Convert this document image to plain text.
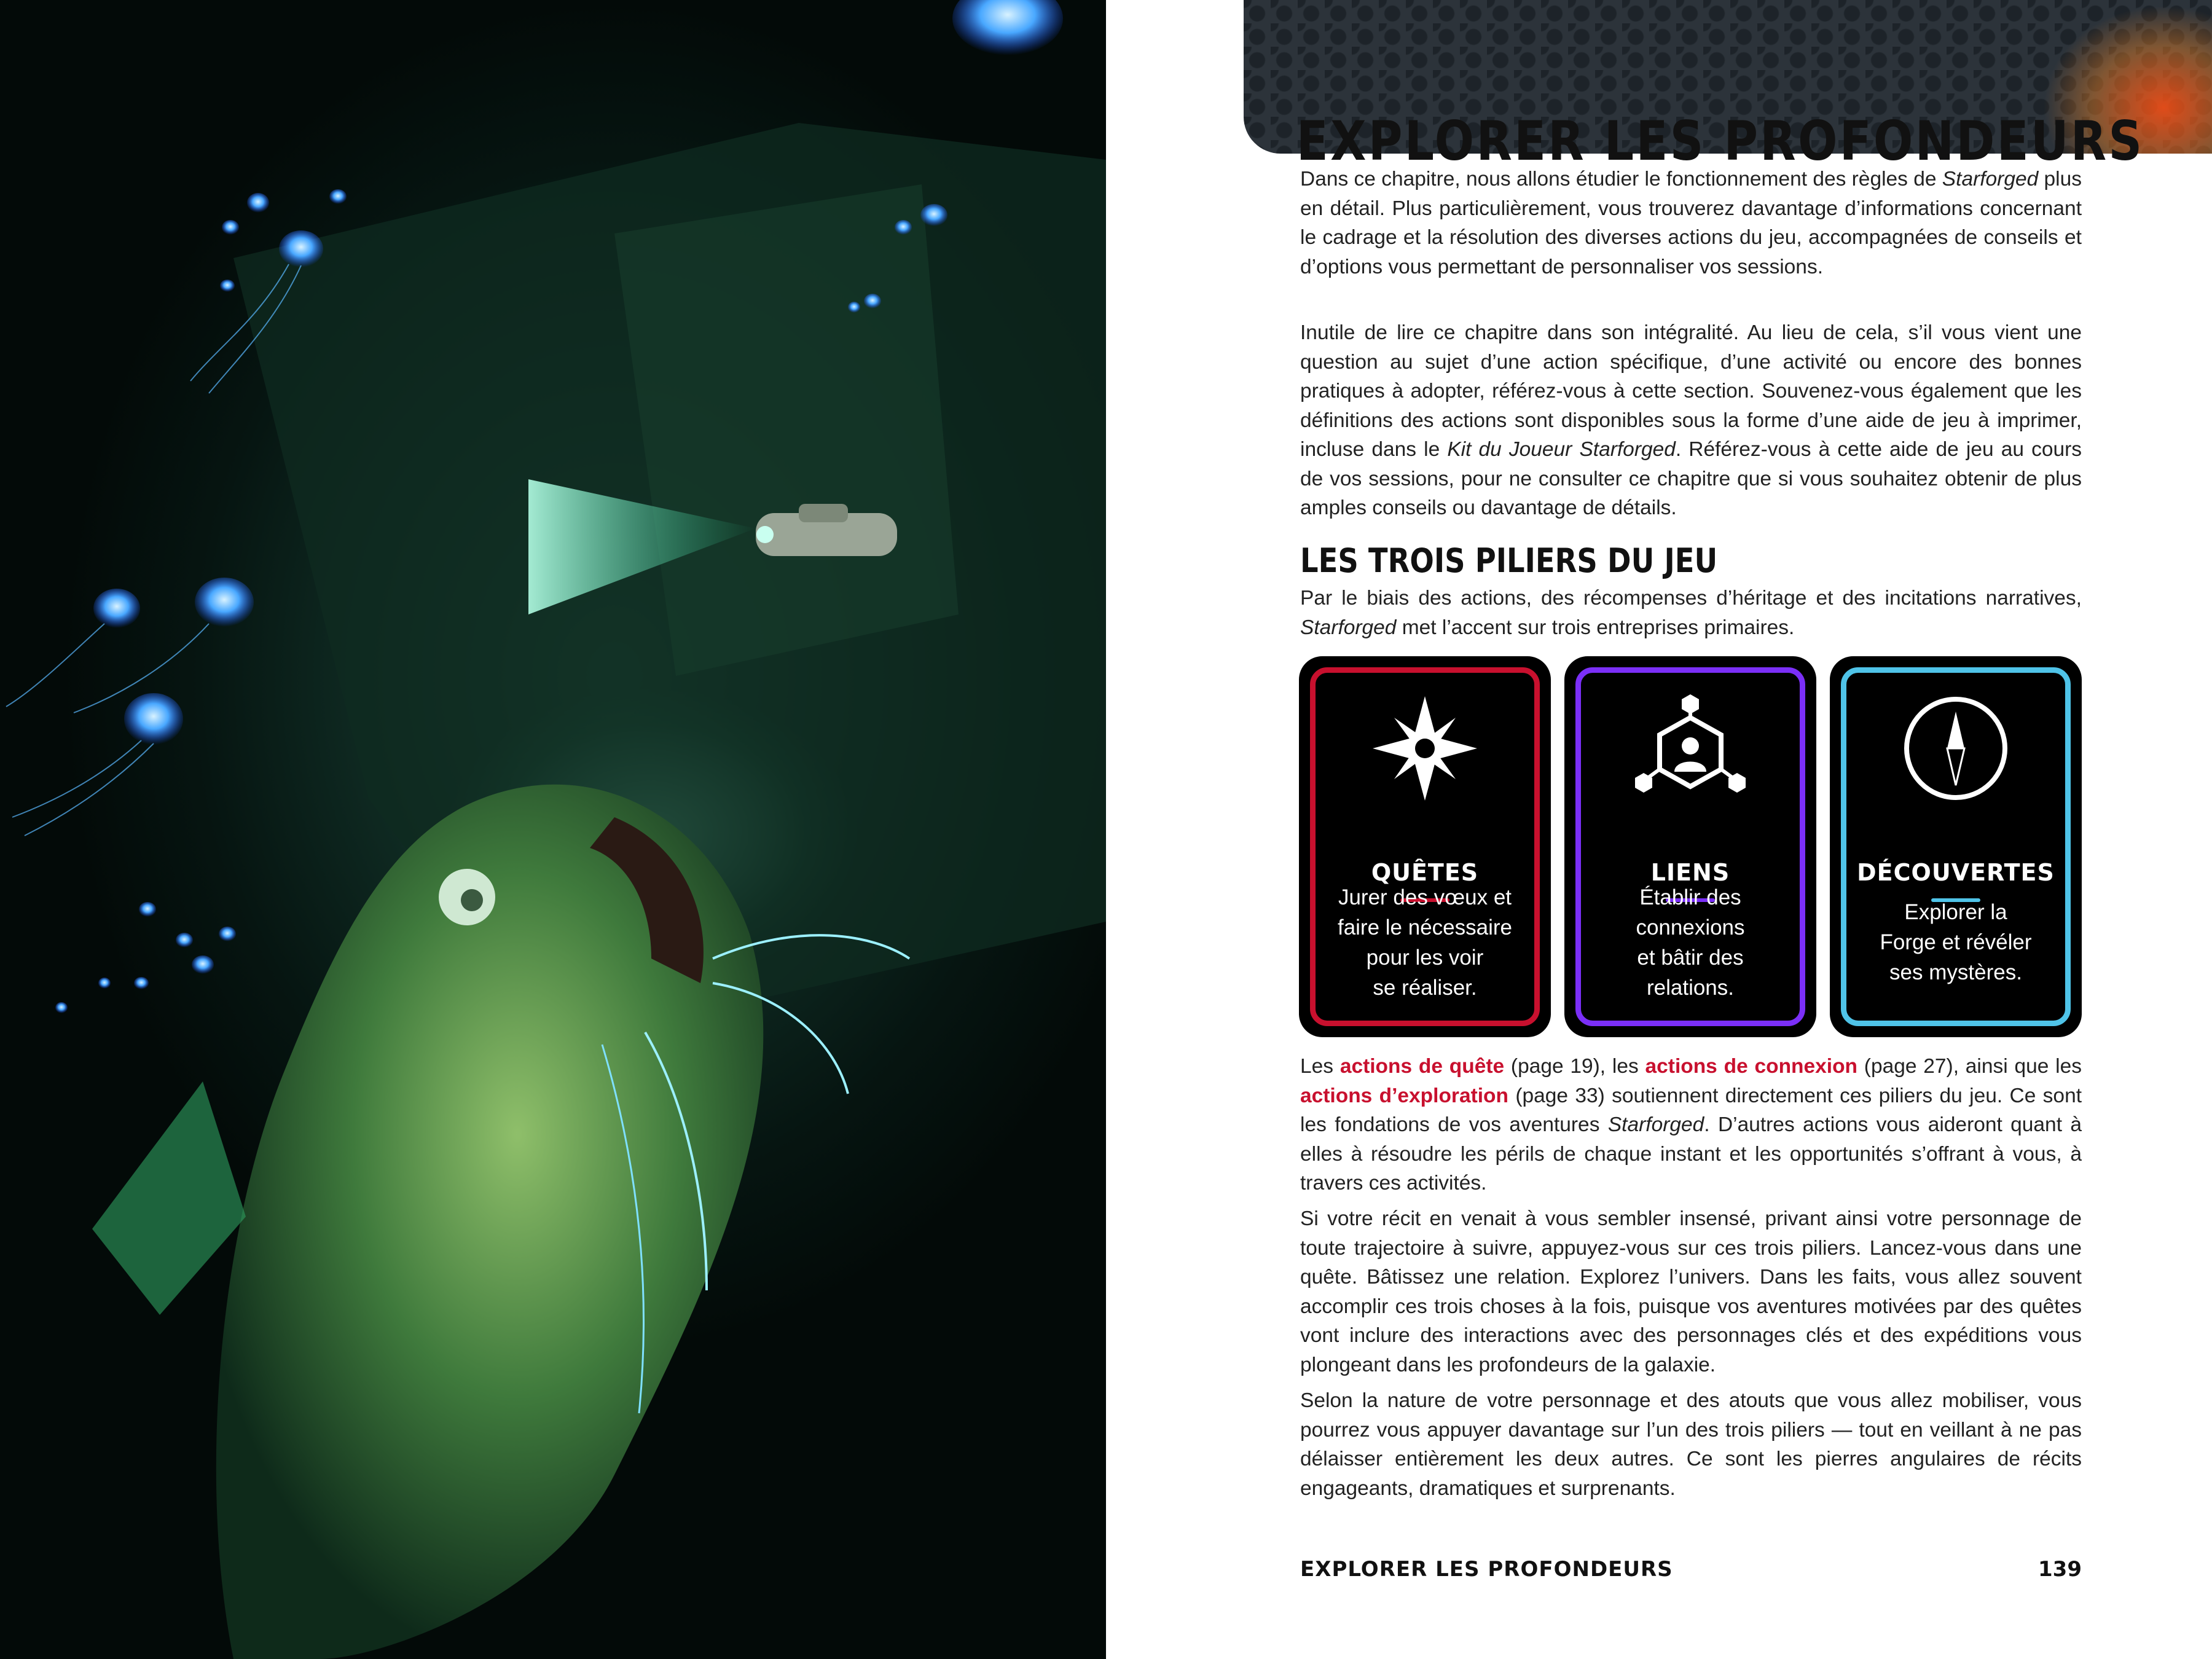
EXPLORER LES PROFONDEURS

Dans ce chapitre, nous allons étudier le fonctionnement des règles de Starforged plus en détail. Plus particulièrement, vous trouverez davantage d’informations concernant le cadrage et la résolution des diverses actions du jeu, accompagnées de conseils et d’options vous permettant de personnaliser vos sessions.

Inutile de lire ce chapitre dans son intégralité. Au lieu de cela, s’il vous vient une question au sujet d’une action spécifique, d’une activité ou encore des bonnes pratiques à adopter, référez-vous à cette section. Souvenez-vous également que les définitions des actions sont disponibles sous la forme d’une aide de jeu à imprimer, incluse dans le Kit du Joueur Starforged. Référez-vous à cette aide de jeu au cours de vos sessions, pour ne consulter ce chapitre que si vous souhaitez obtenir de plus amples conseils ou davantage de détails.

LES TROIS PILIERS DU JEU

Par le biais des actions, des récompenses d’héritage et des incitations narratives, Starforged met l’accent sur trois entreprises primaires.

QUÊTES
Jurer des vœux et
faire le nécessaire
pour les voir
se réaliser.
LIENS
Établir des
connexions
et bâtir des
relations.
DÉCOUVERTES
Explorer la
Forge et révéler
ses mystères.

Les actions de quête (page 19), les actions de connexion (page 27), ainsi que les actions d’exploration (page 33) soutiennent directement ces piliers du jeu. Ce sont les fondations de vos aventures Starforged. D’autres actions vous aideront quant à elles à résoudre les périls de chaque instant et les opportunités s’offrant à vous, à travers ces activités.

Si votre récit en venait à vous sembler insensé, privant ainsi votre personnage de toute trajectoire à suivre, appuyez-vous sur ces trois piliers. Lancez-vous dans une quête. Bâtissez une relation. Explorez l’univers. Dans les faits, vous allez souvent accomplir ces trois choses à la fois, puisque vos aventures motivées par des quêtes vont inclure des interactions avec des personnages clés et des expéditions vous plongeant dans les profondeurs de la galaxie.

Selon la nature de votre personnage et des atouts que vous allez mobiliser, vous pourrez vous appuyer davantage sur l’un des trois piliers — tout en veillant à ne pas délaisser entièrement les deux autres. Ce sont les pierres angulaires de récits engageants, dramatiques et surprenants.

EXPLORER LES PROFONDEURS	139
